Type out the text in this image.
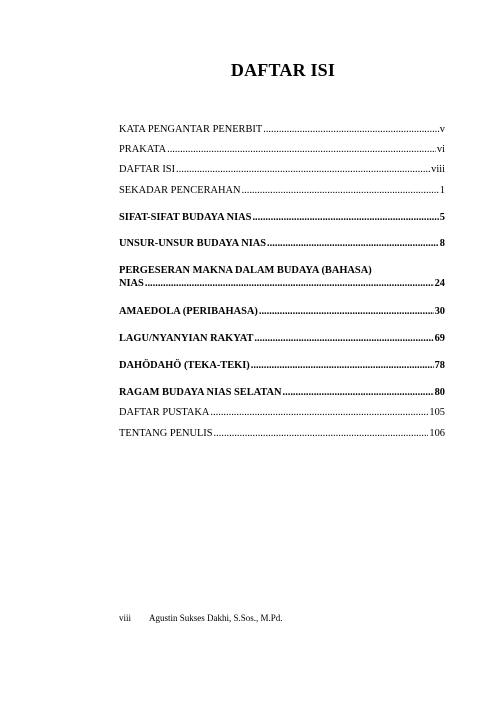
DAFTAR ISI
KATA PENGANTAR PENERBIT .....	v
PRAKATA .....	vi
DAFTAR ISI .....	viii
SEKADAR PENCERAHAN .....	1
SIFAT-SIFAT BUDAYA NIAS .....	5
UNSUR-UNSUR BUDAYA NIAS .....	8
PERGESERAN MAKNA DALAM BUDAYA (BAHASA)
NIAS .....	24
AMAEDOLA (PERIBAHASA) .....	30
LAGU/NYANYIAN RAKYAT .....	69
DAHÖDAHÖ (TEKA-TEKI) .....	78
RAGAM BUDAYA NIAS SELATAN .....	80
DAFTAR PUSTAKA .....	105
TENTANG PENULIS .....	106
viii Agustin Sukses Dakhi, S.Sos., M.Pd.
